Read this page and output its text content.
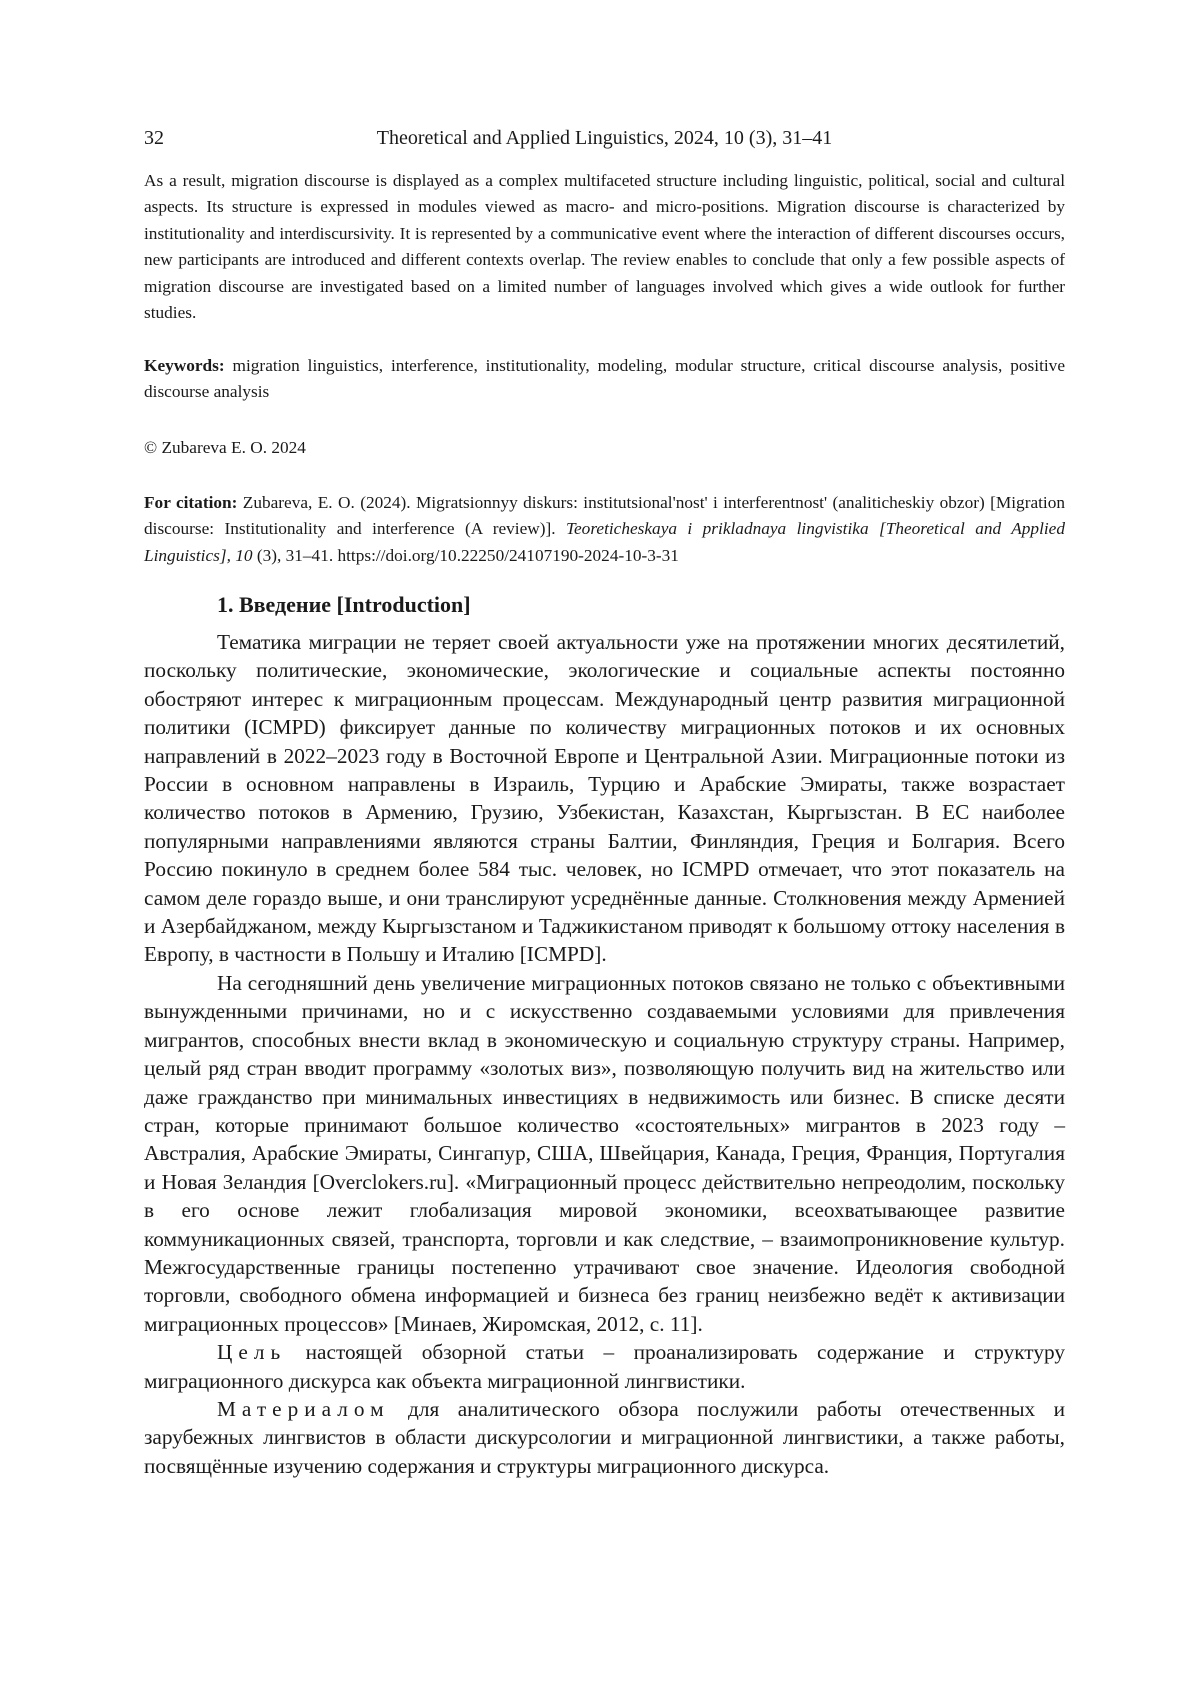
32	Theoretical and Applied Linguistics, 2024, 10 (3), 31–41

As a result, migration discourse is displayed as a complex multifaceted structure including linguistic, political, social and cultural aspects. Its structure is expressed in modules viewed as macro- and micro-positions. Migration discourse is characterized by institutionality and interdiscursivity. It is represented by a communicative event where the interaction of different discourses occurs, new participants are introduced and different contexts overlap. The review enables to conclude that only a few possible aspects of migration discourse are investigated based on a limited number of languages involved which gives a wide outlook for further studies.

Keywords: migration linguistics, interference, institutionality, modeling, modular structure, critical discourse analysis, positive discourse analysis

© Zubareva E. O. 2024

For citation: Zubareva, E. O. (2024). Migratsionnyy diskurs: institutsional'nost' i interferentnost' (analiticheskiy obzor) [Migration discourse: Institutionality and interference (A review)]. Teoreticheskaya i prikladnaya lingvistika [Theoretical and Applied Linguistics], 10 (3), 31–41. https://doi.org/10.22250/24107190-2024-10-3-31

1. Введение [Introduction]

Тематика миграции не теряет своей актуальности уже на протяжении многих десятилетий, поскольку политические, экономические, экологические и социальные аспекты постоянно обостряют интерес к миграционным процессам. Международный центр развития миграционной политики (ICMPD) фиксирует данные по количеству миграционных потоков и их основных направлений в 2022–2023 году в Восточной Европе и Центральной Азии. Миграционные потоки из России в основном направлены в Израиль, Турцию и Арабские Эмираты, также возрастает количество потоков в Армению, Грузию, Узбекистан, Казахстан, Кыргызстан. В ЕС наиболее популярными направлениями являются страны Балтии, Финляндия, Греция и Болгария. Всего Россию покинуло в среднем более 584 тыс. человек, но ICMPD отмечает, что этот показатель на самом деле гораздо выше, и они транслируют усреднённые данные. Столкновения между Арменией и Азербайджаном, между Кыргызстаном и Таджикистаном приводят к большому оттоку населения в Европу, в частности в Польшу и Италию [ICMPD].

На сегодняшний день увеличение миграционных потоков связано не только с объективными вынужденными причинами, но и с искусственно создаваемыми условиями для привлечения мигрантов, способных внести вклад в экономическую и социальную структуру страны. Например, целый ряд стран вводит программу «золотых виз», позволяющую получить вид на жительство или даже гражданство при минимальных инвестициях в недвижимость или бизнес. В списке десяти стран, которые принимают большое количество «состоятельных» мигрантов в 2023 году – Австралия, Арабские Эмираты, Сингапур, США, Швейцария, Канада, Греция, Франция, Португалия и Новая Зеландия [Overclokers.ru]. «Миграционный процесс действительно непреодолим, поскольку в его основе лежит глобализация мировой экономики, всеохватывающее развитие коммуникационных связей, транспорта, торговли и как следствие, – взаимопроникновение культур. Межгосударственные границы постепенно утрачивают свое значение. Идеология свободной торговли, свободного обмена информацией и бизнеса без границ неизбежно ведёт к активизации миграционных процессов» [Минаев, Жиромская, 2012, с. 11].

Цель настоящей обзорной статьи – проанализировать содержание и структуру миграционного дискурса как объекта миграционной лингвистики.

Материалом для аналитического обзора послужили работы отечественных и зарубежных лингвистов в области дискурсологии и миграционной лингвистики, а также работы, посвящённые изучению содержания и структуры миграционного дискурса.
